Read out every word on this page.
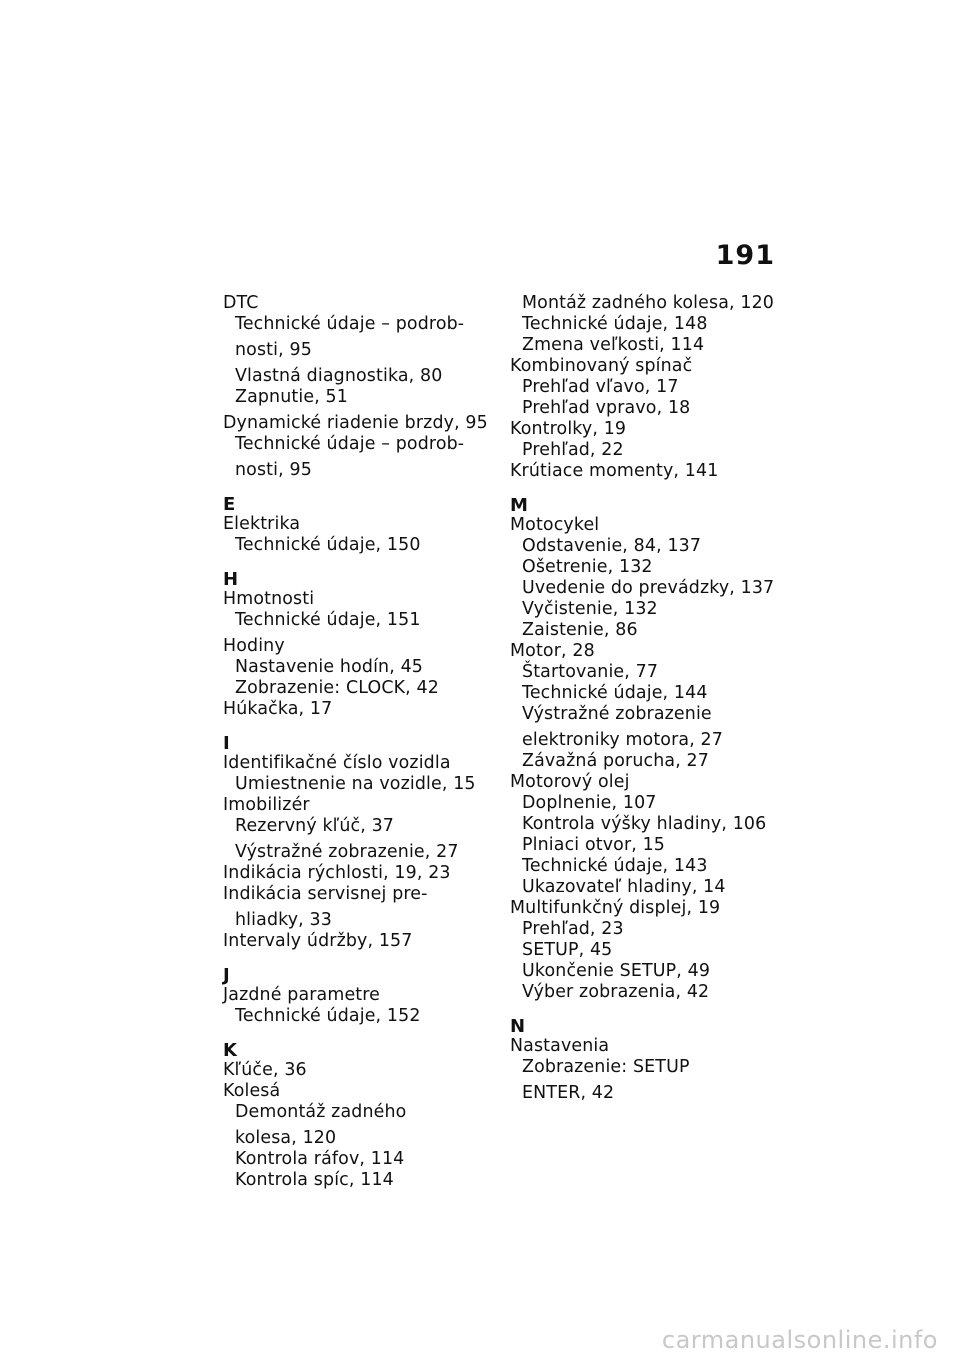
191
DTC
Technické údaje – podrob-
nosti, 95
Vlastná diagnostika, 80
Zapnutie, 51
Dynamické riadenie brzdy, 95
Technické údaje – podrob-
nosti, 95
E
Elektrika
Technické údaje, 150
H
Hmotnosti
Technické údaje, 151
Hodiny
Nastavenie hodín, 45
Zobrazenie: CLOCK, 42
Húkačka, 17
I
Identifikačné číslo vozidla
Umiestnenie na vozidle, 15
Imobilizér
Rezervný kľúč, 37
Výstražné zobrazenie, 27
Indikácia rýchlosti, 19, 23
Indikácia servisnej pre-
hliadky, 33
Intervaly údržby, 157
J
Jazdné parametre
Technické údaje, 152
K
Kľúče, 36
Kolesá
Demontáž zadného
kolesa, 120
Kontrola ráfov, 114
Kontrola spíc, 114
Montáž zadného kolesa, 120
Technické údaje, 148
Zmena veľkosti, 114
Kombinovaný spínač
Prehľad vľavo, 17
Prehľad vpravo, 18
Kontrolky, 19
Prehľad, 22
Krútiace momenty, 141
M
Motocykel
Odstavenie, 84, 137
Ošetrenie, 132
Uvedenie do prevádzky, 137
Vyčistenie, 132
Zaistenie, 86
Motor, 28
Štartovanie, 77
Technické údaje, 144
Výstražné zobrazenie
elektroniky motora, 27
Závažná porucha, 27
Motorový olej
Doplnenie, 107
Kontrola výšky hladiny, 106
Plniaci otvor, 15
Technické údaje, 143
Ukazovateľ hladiny, 14
Multifunkčný displej, 19
Prehľad, 23
SETUP, 45
Ukončenie SETUP, 49
Výber zobrazenia, 42
N
Nastavenia
Zobrazenie: SETUP
ENTER, 42
carmanualsonline.info
